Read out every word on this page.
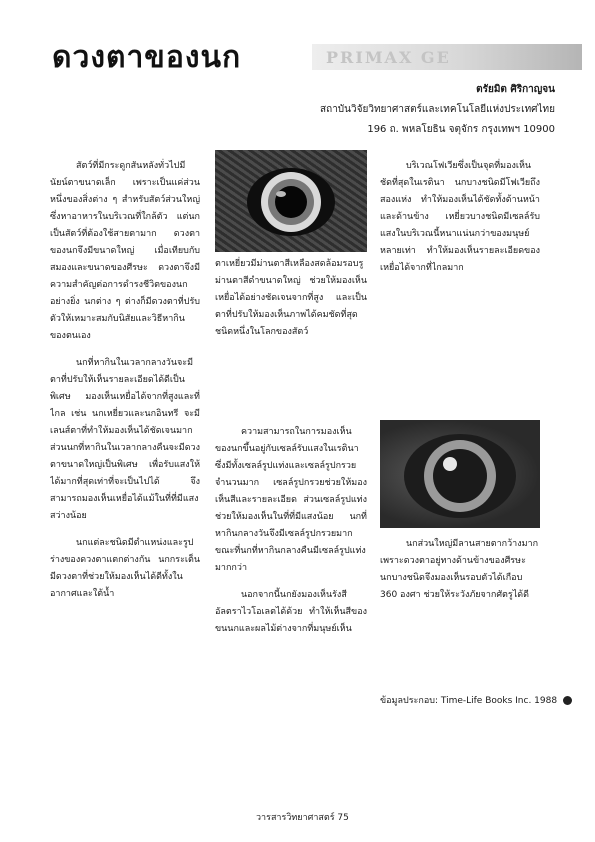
ดวงตาของนก	PRIMAX GE
ตรัยมิต ศิริกาญจน
สถาบันวิจัยวิทยาศาสตร์และเทคโนโลยีแห่งประเทศไทย
196 ถ. พหลโยธิน จตุจักร กรุงเทพฯ 10900

สัตว์ที่มีกระดูกสันหลังทั่วไปมีนัยน์ตาขนาดเล็ก เพราะเป็นแค่ส่วนหนึ่งของสิ่งต่าง ๆ สำหรับสัตว์ส่วนใหญ่ ซึ่งหาอาหารในบริเวณที่ใกล้ตัว แต่นกเป็นสัตว์ที่ต้องใช้สายตามาก ดวงตาของนกจึงมีขนาดใหญ่ เมื่อเทียบกับสมองและขนาดของศีรษะ ดวงตาจึงมีความสำคัญต่อการดำรงชีวิตของนกอย่างยิ่ง นกต่าง ๆ ต่างก็มีดวงตาที่ปรับตัวให้เหมาะสมกับนิสัยและวิธีหากินของตนเอง

นกที่หากินในเวลากลางวันจะมีตาที่ปรับให้เห็นรายละเอียดได้ดีเป็นพิเศษ มองเห็นเหยื่อได้จากที่สูงและที่ไกล เช่น นกเหยี่ยวและนกอินทรี จะมีเลนส์ตาที่ทำให้มองเห็นได้ชัดเจนมาก ส่วนนกที่หากินในเวลากลางคืนจะมีดวงตาขนาดใหญ่เป็นพิเศษ เพื่อรับแสงให้ได้มากที่สุดเท่าที่จะเป็นไปได้ จึงสามารถมองเห็นเหยื่อได้แม้ในที่ที่มีแสงสว่างน้อย

นกแต่ละชนิดมีตำแหน่งและรูปร่างของดวงตาแตกต่างกัน นกกระเต็นมีดวงตาที่ช่วยให้มองเห็นได้ดีทั้งในอากาศและใต้น้ำ

ตาเหยี่ยวมีม่านตาสีเหลืองสดล้อมรอบรูม่านตาสีดำขนาดใหญ่ ช่วยให้มองเห็นเหยื่อได้อย่างชัดเจนจากที่สูง และเป็นตาที่ปรับให้มองเห็นภาพได้คมชัดที่สุดชนิดหนึ่งในโลกของสัตว์

ความสามารถในการมองเห็นของนกขึ้นอยู่กับเซลล์รับแสงในเรตินา ซึ่งมีทั้งเซลล์รูปแท่งและเซลล์รูปกรวยจำนวนมาก เซลล์รูปกรวยช่วยให้มองเห็นสีและรายละเอียด ส่วนเซลล์รูปแท่งช่วยให้มองเห็นในที่ที่มีแสงน้อย นกที่หากินกลางวันจึงมีเซลล์รูปกรวยมาก ขณะที่นกที่หากินกลางคืนมีเซลล์รูปแท่งมากกว่า

นอกจากนี้นกยังมองเห็นรังสีอัลตราไวโอเลตได้ด้วย ทำให้เห็นสีของขนนกและผลไม้ต่างจากที่มนุษย์เห็น

บริเวณโฟเวียซึ่งเป็นจุดที่มองเห็นชัดที่สุดในเรตินา นกบางชนิดมีโฟเวียถึงสองแห่ง ทำให้มองเห็นได้ชัดทั้งด้านหน้าและด้านข้าง เหยี่ยวบางชนิดมีเซลล์รับแสงในบริเวณนี้หนาแน่นกว่าของมนุษย์หลายเท่า ทำให้มองเห็นรายละเอียดของเหยื่อได้จากที่ไกลมาก

นกส่วนใหญ่มีลานสายตากว้างมากเพราะดวงตาอยู่ทางด้านข้างของศีรษะ นกบางชนิดจึงมองเห็นรอบตัวได้เกือบ 360 องศา ช่วยให้ระวังภัยจากศัตรูได้ดี

ข้อมูลประกอบ: Time-Life Books Inc. 1988
วารสารวิทยาศาสตร์ 75
